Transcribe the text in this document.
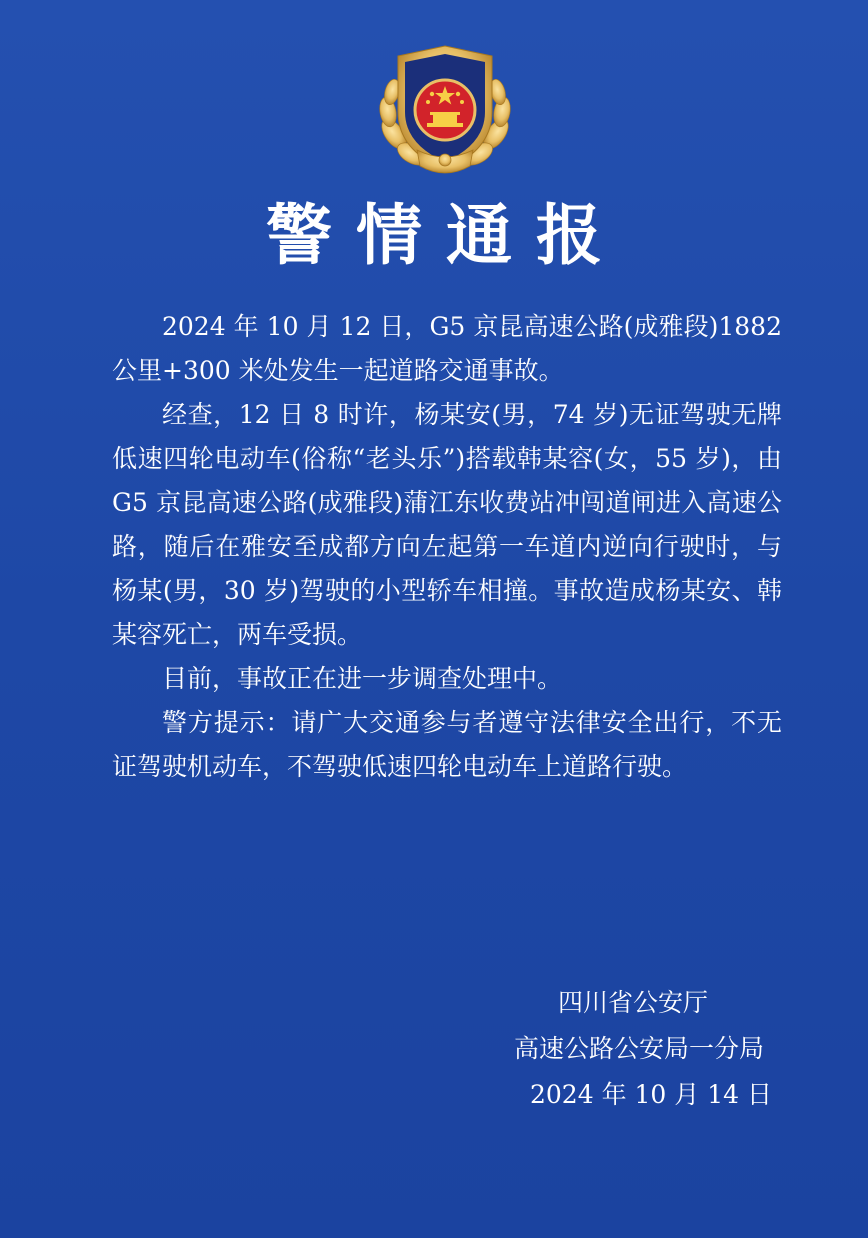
警情通报

2024 年 10 月 12 日，G5 京昆高速公路(成雅段)1882 公里+300 米处发生一起道路交通事故。

经查，12 日 8 时许，杨某安(男，74 岁)无证驾驶无牌低速四轮电动车(俗称“老头乐”)搭载韩某容(女，55 岁)，由 G5 京昆高速公路(成雅段)蒲江东收费站冲闯道闸进入高速公路，随后在雅安至成都方向左起第一车道内逆向行驶时，与杨某(男，30 岁)驾驶的小型轿车相撞。事故造成杨某安、韩某容死亡，两车受损。

目前，事故正在进一步调查处理中。

警方提示：请广大交通参与者遵守法律安全出行，不无证驾驶机动车，不驾驶低速四轮电动车上道路行驶。

四川省公安厅
高速公路公安局一分局
2024 年 10 月 14 日
